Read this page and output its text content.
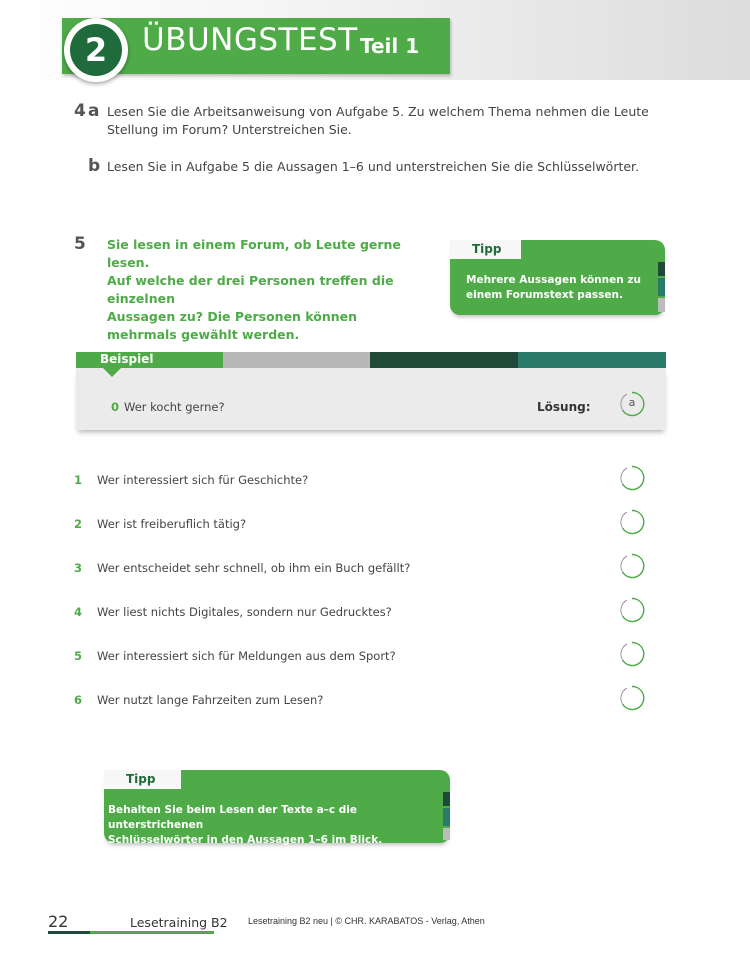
2	ÜBUNGSTEST Teil 1
4 a Lesen Sie die Arbeitsanweisung von Aufgabe 5. Zu welchem Thema nehmen die Leute
Stellung im Forum? Unterstreichen Sie.
b Lesen Sie in Aufgabe 5 die Aussagen 1–6 und unterstreichen Sie die Schlüsselwörter.
5 Sie lesen in einem Forum, ob Leute gerne lesen.
Auf welche der drei Personen treffen die einzelnen
Aussagen zu? Die Personen können
mehrmals gewählt werden.
Tipp
Mehrere Aussagen können zu
einem Forumstext passen.
Beispiel
0 Wer kocht gerne?	Lösung:	a
1 Wer interessiert sich für Geschichte?
2 Wer ist freiberuflich tätig?
3 Wer entscheidet sehr schnell, ob ihm ein Buch gefällt?
4 Wer liest nichts Digitales, sondern nur Gedrucktes?
5 Wer interessiert sich für Meldungen aus dem Sport?
6 Wer nutzt lange Fahrzeiten zum Lesen?
Tipp
Behalten Sie beim Lesen der Texte a–c die unterstrichenen
Schlüsselwörter in den Aussagen 1–6 im Blick.
22	Lesetraining B2 Lesetraining B2 neu | © CHR. KARABATOS - Verlag, Athen
